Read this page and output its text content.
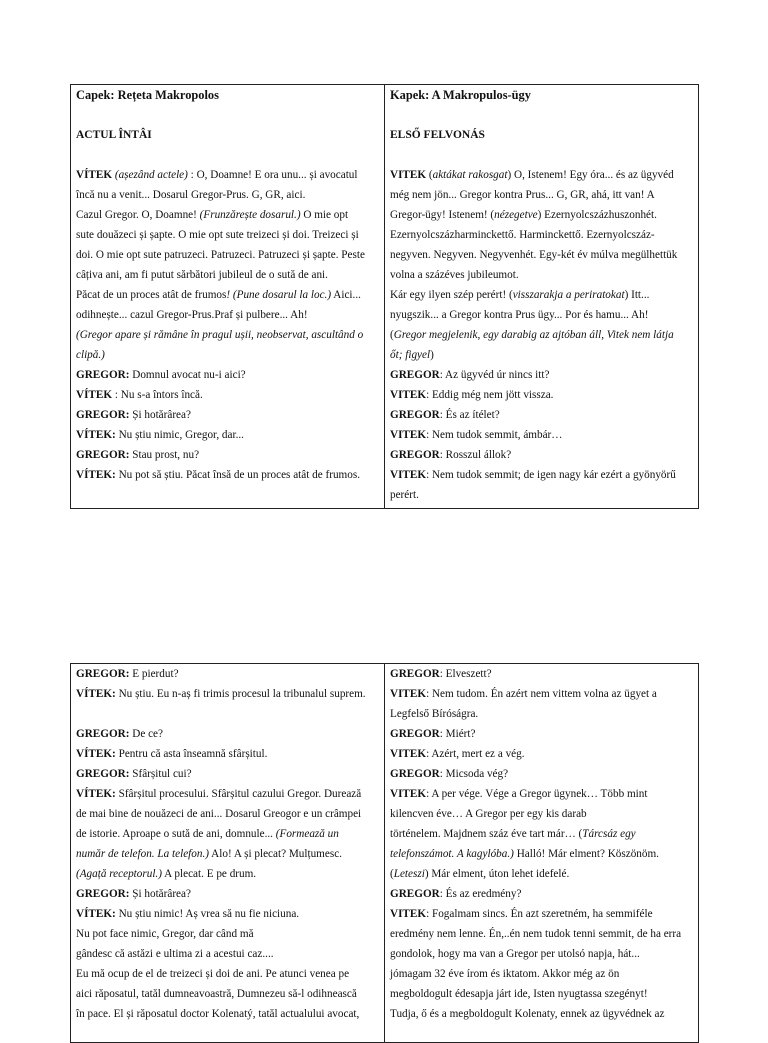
Capek: Rețeta Makropolos
ACTUL ÎNTÂI
VÍTEK (așezând actele) : O, Doamne! E ora unu... și avocatul
încă nu a venit... Dosarul Gregor-Prus. G, GR, aici.
Cazul Gregor. O, Doamne! (Frunzărește dosarul.) O mie opt
sute douăzeci și șapte. O mie opt sute treizeci și doi. Treizeci și
doi. O mie opt sute patruzeci. Patruzeci. Patruzeci și șapte. Peste
câțiva ani, am fi putut sărbători jubileul de o sută de ani.
Păcat de un proces atât de frumos! (Pune dosarul la loc.) Aici...
odihnește... cazul Gregor-Prus.Praf și pulbere... Ah!
(Gregor apare și rămâne în pragul ușii, neobservat, ascultând o
clipă.)
GREGOR: Domnul avocat nu-i aici?
VÍTEK : Nu s-a întors încă.
GREGOR: Și hotărârea?
VÍTEK: Nu știu nimic, Gregor, dar...
GREGOR: Stau prost, nu?
VÍTEK: Nu pot să știu. Păcat însă de un proces atât de frumos.

Kapek: A Makropulos-ügy
ELSŐ FELVONÁS
VITEK (aktákat rakosgat) O, Istenem! Egy óra... és az ügyvéd
még nem jön... Gregor kontra Prus... G, GR, ahá, itt van! A
Gregor-ügy! Istenem! (nézegetve) Ezernyolcszázhuszonhét.
Ezernyolcszázharminckettő. Harminckettő. Ezernyolcszáz-
negyven. Negyven. Negyvenhét. Egy-két év múlva megülhettük
volna a százéves jubileumot.
Kár egy ilyen szép perért! (visszarakja a periratokat) Itt...
nyugszik... a Gregor kontra Prus ügy... Por és hamu... Ah!
(Gregor megjelenik, egy darabig az ajtóban áll, Vitek nem látja
őt; figyel)
GREGOR: Az ügyvéd úr nincs itt?
VITEK: Eddig még nem jött vissza.
GREGOR: És az ítélet?
VITEK: Nem tudok semmit, ámbár…
GREGOR: Rosszul állok?
VITEK: Nem tudok semmit; de igen nagy kár ezért a gyönyörű
perért.
GREGOR: E pierdut?
VÍTEK: Nu știu. Eu n-aș fi trimis procesul la tribunalul suprem.
GREGOR: De ce?
VÍTEK: Pentru că asta înseamnă sfârșitul.
GREGOR: Sfârșitul cui?
VÍTEK: Sfârșitul procesului. Sfârșitul cazului Gregor. Durează
de mai bine de nouăzeci de ani... Dosarul Greogor e un crâmpei
de istorie. Aproape o sută de ani, domnule... (Formează un
număr de telefon. La telefon.) Alo! A și plecat? Mulțumesc.
(Agață receptorul.) A plecat. E pe drum.
GREGOR: Și hotărârea?
VÍTEK: Nu știu nimic! Aș vrea să nu fie niciuna.
Nu pot face nimic, Gregor, dar când mă
gândesc că astăzi e ultima zi a acestui caz....
Eu mă ocup de el de treizeci și doi de ani. Pe atunci venea pe
aici răposatul, tatăl dumneavoastră, Dumnezeu să-l odihnească
în pace. El și răposatul doctor Kolenatý, tatăl actualului avocat,

GREGOR: Elveszett?
VITEK: Nem tudom. Én azért nem vittem volna az ügyet a
Legfelső Bíróságra.
GREGOR: Miért?
VITEK: Azért, mert ez a vég.
GREGOR: Micsoda vég?
VITEK: A per vége. Vége a Gregor ügynek… Több mint
kilencven éve… A Gregor per egy kis darab
történelem. Majdnem száz éve tart már… (Tárcsáz egy
telefonszámot. A kagylóba.) Halló! Már elment? Köszönöm.
(Leteszi) Már elment, úton lehet idefelé.
GREGOR: És az eredmény?
VITEK: Fogalmam sincs. Én azt szeretném, ha semmiféle
eredmény nem lenne. Én,..én nem tudok tenni semmit, de ha erra
gondolok, hogy ma van a Gregor per utolsó napja, hát...
jómagam 32 éve írom és iktatom. Akkor még az ön
megboldogult édesapja járt ide, Isten nyugtassa szegényt!
Tudja, ő és a megboldogult Kolenaty, ennek az ügyvédnek az
